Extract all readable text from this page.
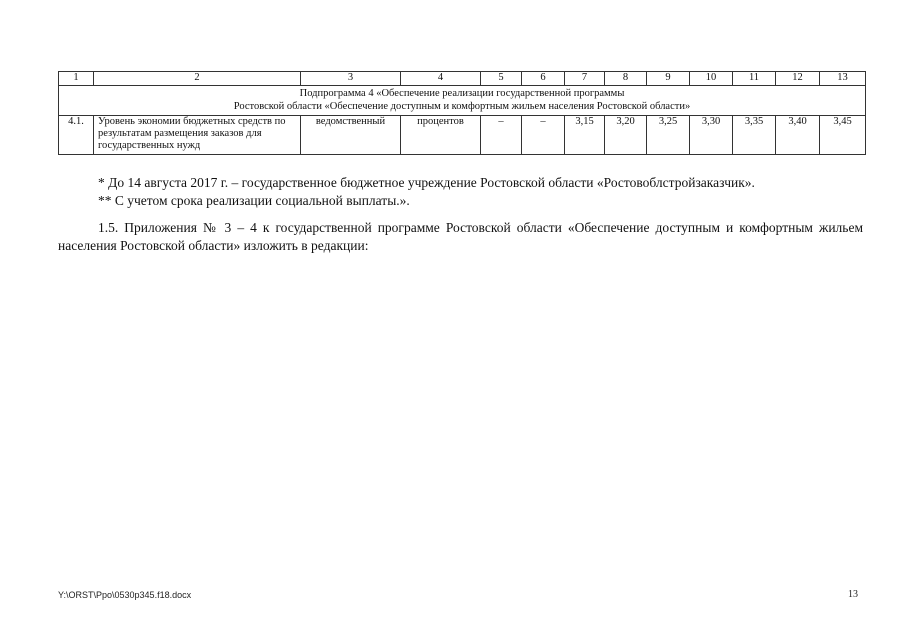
1	2	3	4	5	6	7	8	9	10	11	12	13

Подпрограмма 4 «Обеспечение реализации государственной программы
Ростовской области «Обеспечение доступным и комфортным жильем населения Ростовской области»												

4.1.	Уровень экономии бюджетных средств по результатам размещения заказов для государственных нужд	ведомственный	процентов	–	–	3,15	3,20	3,25	3,30	3,35	3,40	3,45
* До 14 августа 2017 г. – государственное бюджетное учреждение Ростовской области «Ростовоблстройзаказчик».
** С учетом срока реализации социальной выплаты.».
1.5. Приложения № 3 – 4 к государственной программе Ростовской области «Обеспечение доступным и комфортным жильем населения Ростовской области» изложить в редакции:
Y:\ORST\Ppo\0530p345.f18.docx	13
